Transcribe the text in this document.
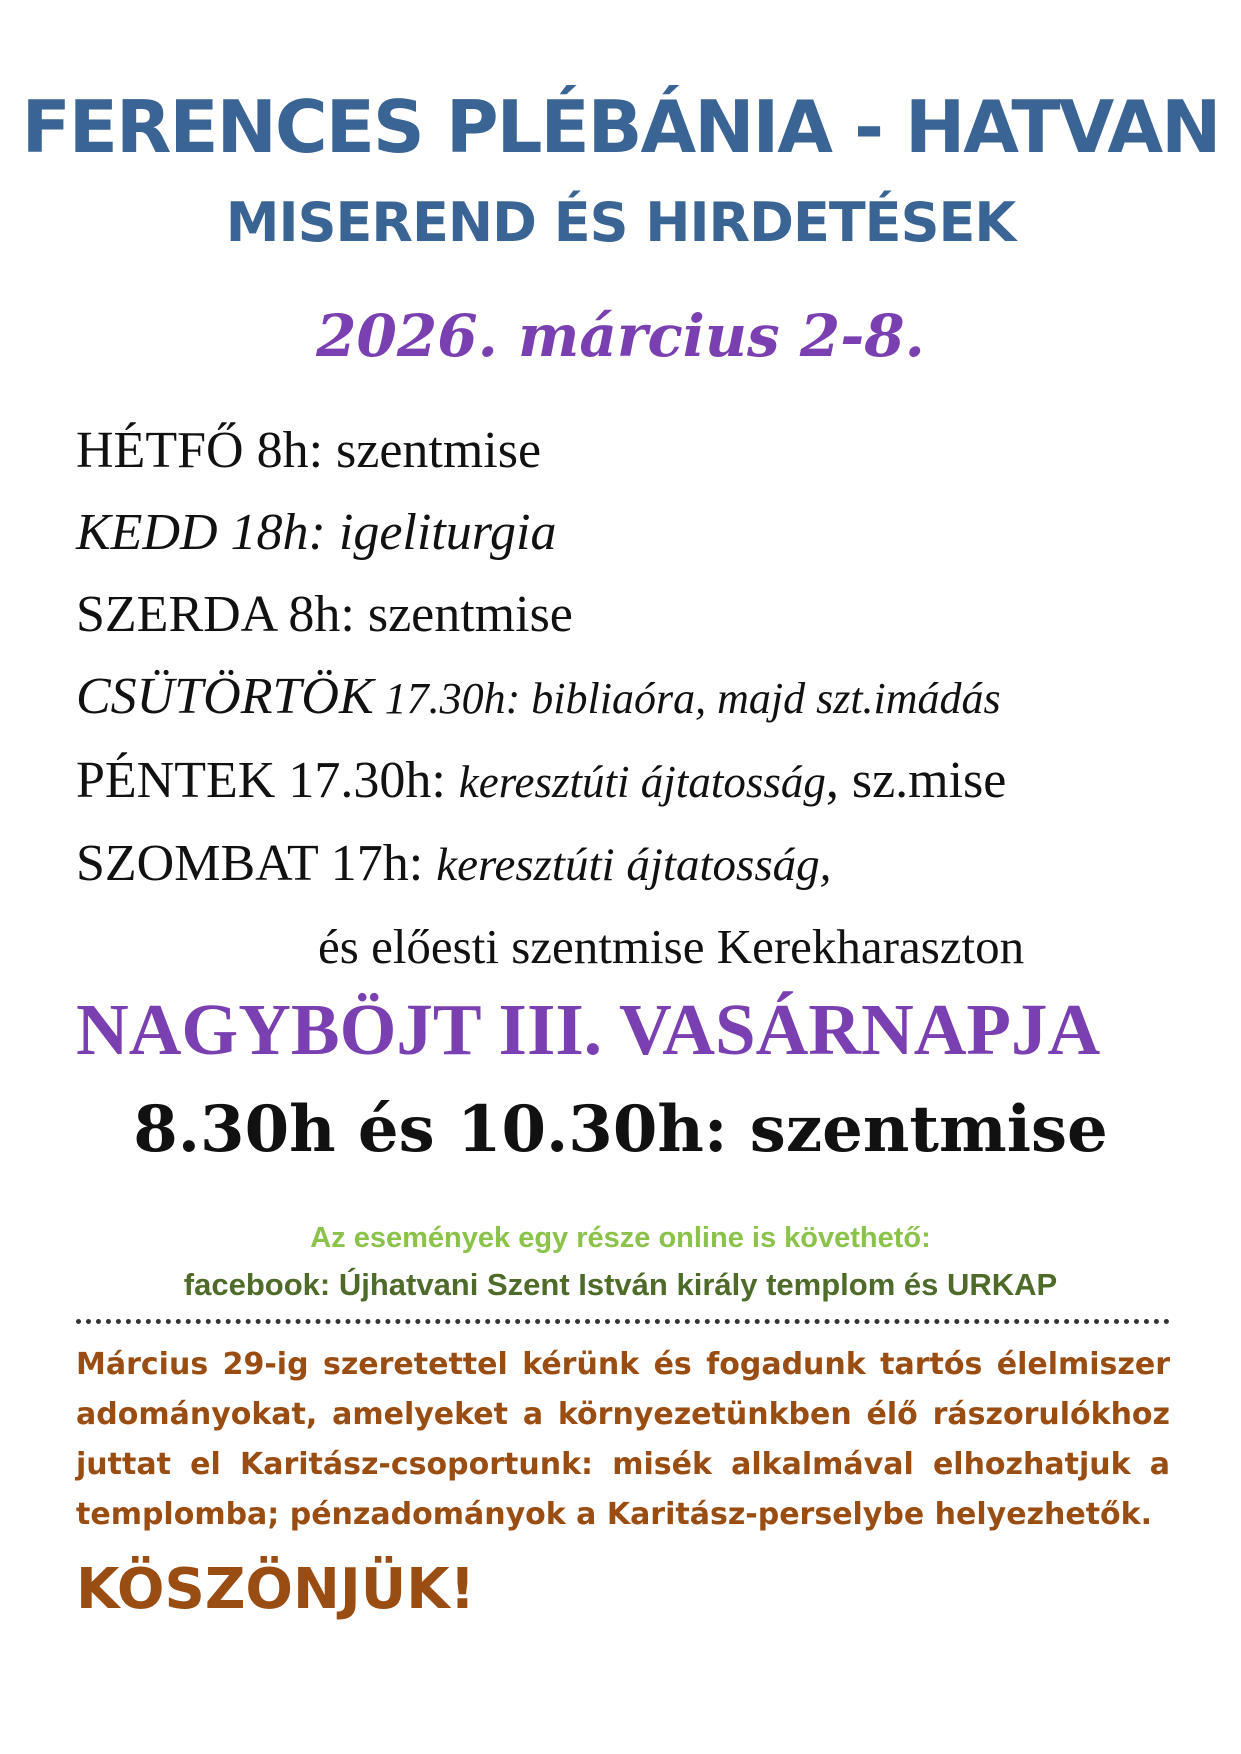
FERENCES PLÉBÁNIA - HATVAN
MISEREND ÉS HIRDETÉSEK
2026. március 2-8.
HÉTFŐ 8h: szentmise
KEDD 18h: igeliturgia
SZERDA 8h: szentmise
CSÜTÖRTÖK 17.30h: bibliaóra, majd szt.imádás
PÉNTEK 17.30h: keresztúti ájtatosság, sz.mise
SZOMBAT 17h: keresztúti ájtatosság,
és előesti szentmise Kerekharaszton
NAGYBÖJT III. VASÁRNAPJA
8.30h és 10.30h: szentmise

Az események egy része online is követhető:

facebook: Újhatvani Szent István király templom és URKAP

Március 29-ig szeretettel kérünk és fogadunk tartós élelmiszer adományokat, amelyeket a környezetünkben élő rászorulókhoz juttat el Karitász-csoportunk: misék alkalmával elhozhatjuk a templomba; pénzadományok a Karitász-perselybe helyezhetők.

KÖSZÖNJÜK!
